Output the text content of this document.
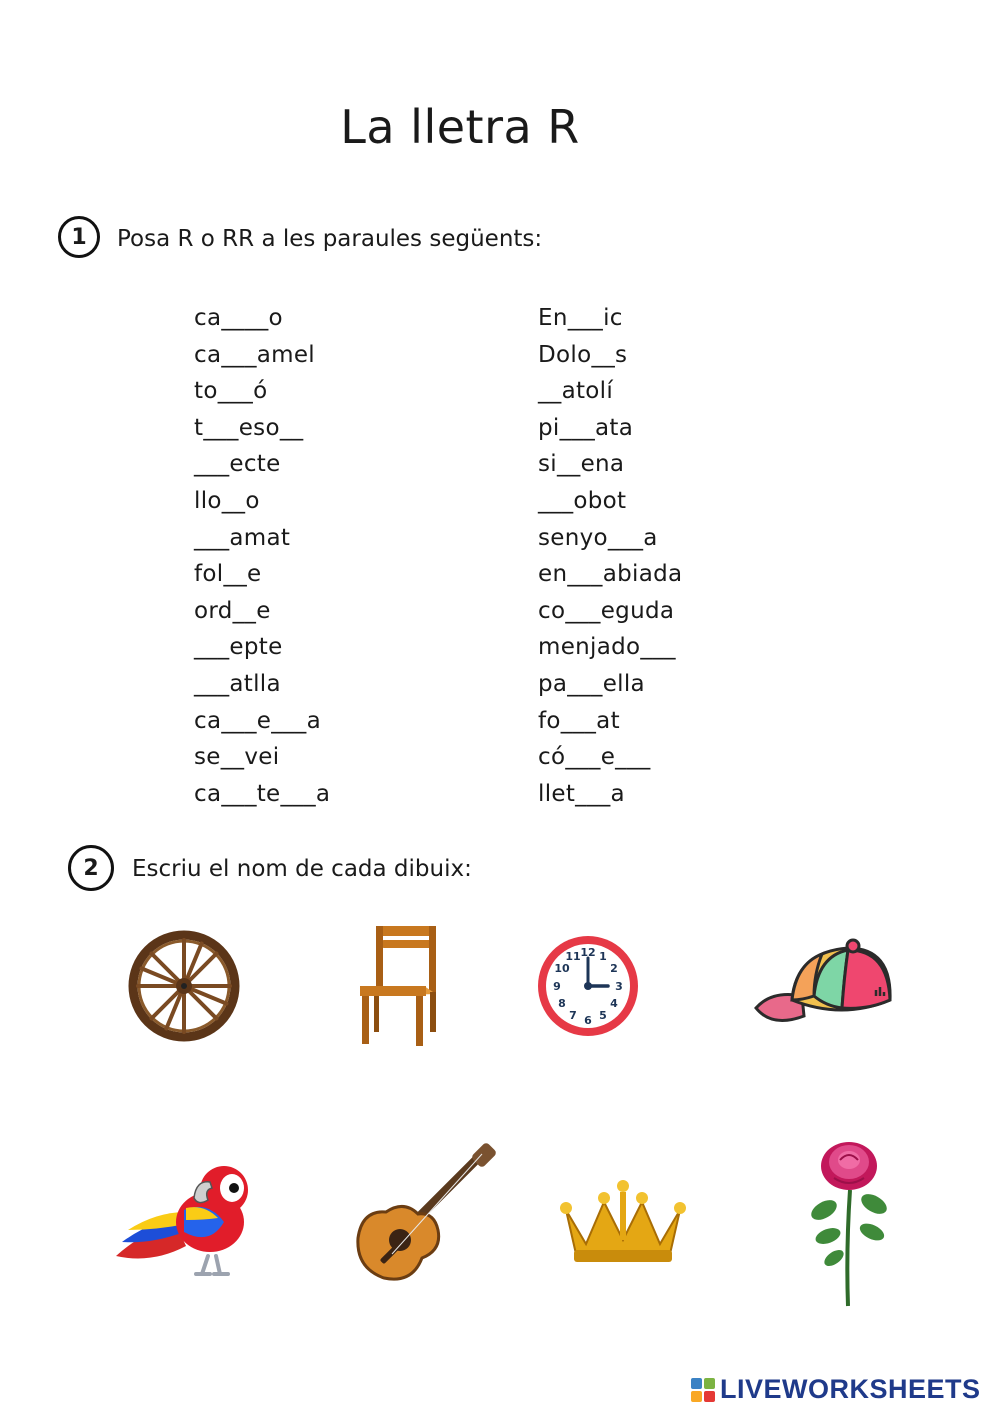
La lletra R
1	Posa R o RR a les paraules següents:
ca____o
ca___amel
to___ó
t___eso__
___ecte
llo__o
___amat
fol__e
ord__e
___epte
___atlla
ca___e___a
se__vei
ca___te___a
En___ic
Dolo__s
__atolí
pi___ata
si__ena
___obot
senyo___a
en___abiada
co___eguda
menjado___
pa___ella
fo___at
có___e___
llet___a
2	Escriu el nom de cada dibuix:
12 1
2
3
4
5
6
7
8
9
10
11
LIVEWORKSHEETS
